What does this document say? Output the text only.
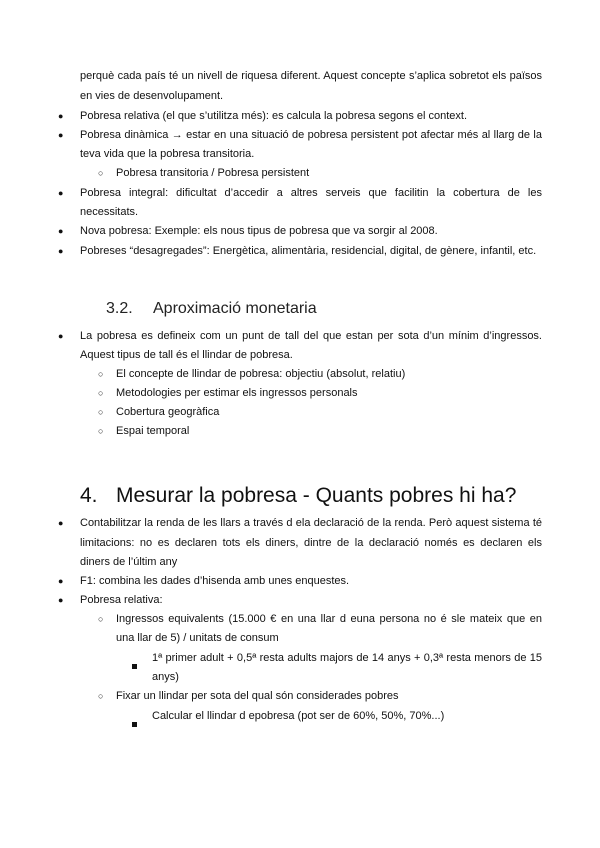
perquè cada país té un nivell de riquesa diferent. Aquest concepte s’aplica sobretot els països
en vies de desenvolupament.
● Pobresa relativa (el que s’utilitza més): es calcula la pobresa segons el context.
● Pobresa dinàmica → estar en una situació de pobresa persistent pot afectar més al llarg de la
teva vida que la pobresa transitoria.
○ Pobresa transitoria / Pobresa persistent
● Pobresa integral: dificultat d’accedir a altres serveis que facilitin la cobertura de les
necessitats.
● Nova pobresa: Exemple: els nous tipus de pobresa que va sorgir al 2008.
● Pobreses “desagregades”: Energètica, alimentària, residencial, digital, de gènere, infantil, etc.
3.2. Aproximació monetaria
● La pobresa es defineix com un punt de tall del que estan per sota d’un mínim d’ingressos.
Aquest tipus de tall és el llindar de pobresa.
○ El concepte de llindar de pobresa: objectiu (absolut, relatiu)
○ Metodologies per estimar els ingressos personals
○ Cobertura geogràfica
○ Espai temporal
4. Mesurar la pobresa - Quants pobres hi ha?
● Contabilitzar la renda de les llars a través d ela declaració de la renda. Però aquest sistema té
limitacions: no es declaren tots els diners, dintre de la declaració només es declaren els
diners de l’últim any
● F1: combina les dades d’hisenda amb unes enquestes.
● Pobresa relativa:
○ Ingressos equivalents (15.000 € en una llar d euna persona no é sle mateix que en
una llar de 5) / unitats de consum
1ª primer adult + 0,5ª resta adults majors de 14 anys + 0,3ª resta menors de 15
anys)
○ Fixar un llindar per sota del qual són considerades pobres
Calcular el llindar d epobresa (pot ser de 60%, 50%, 70%...)
